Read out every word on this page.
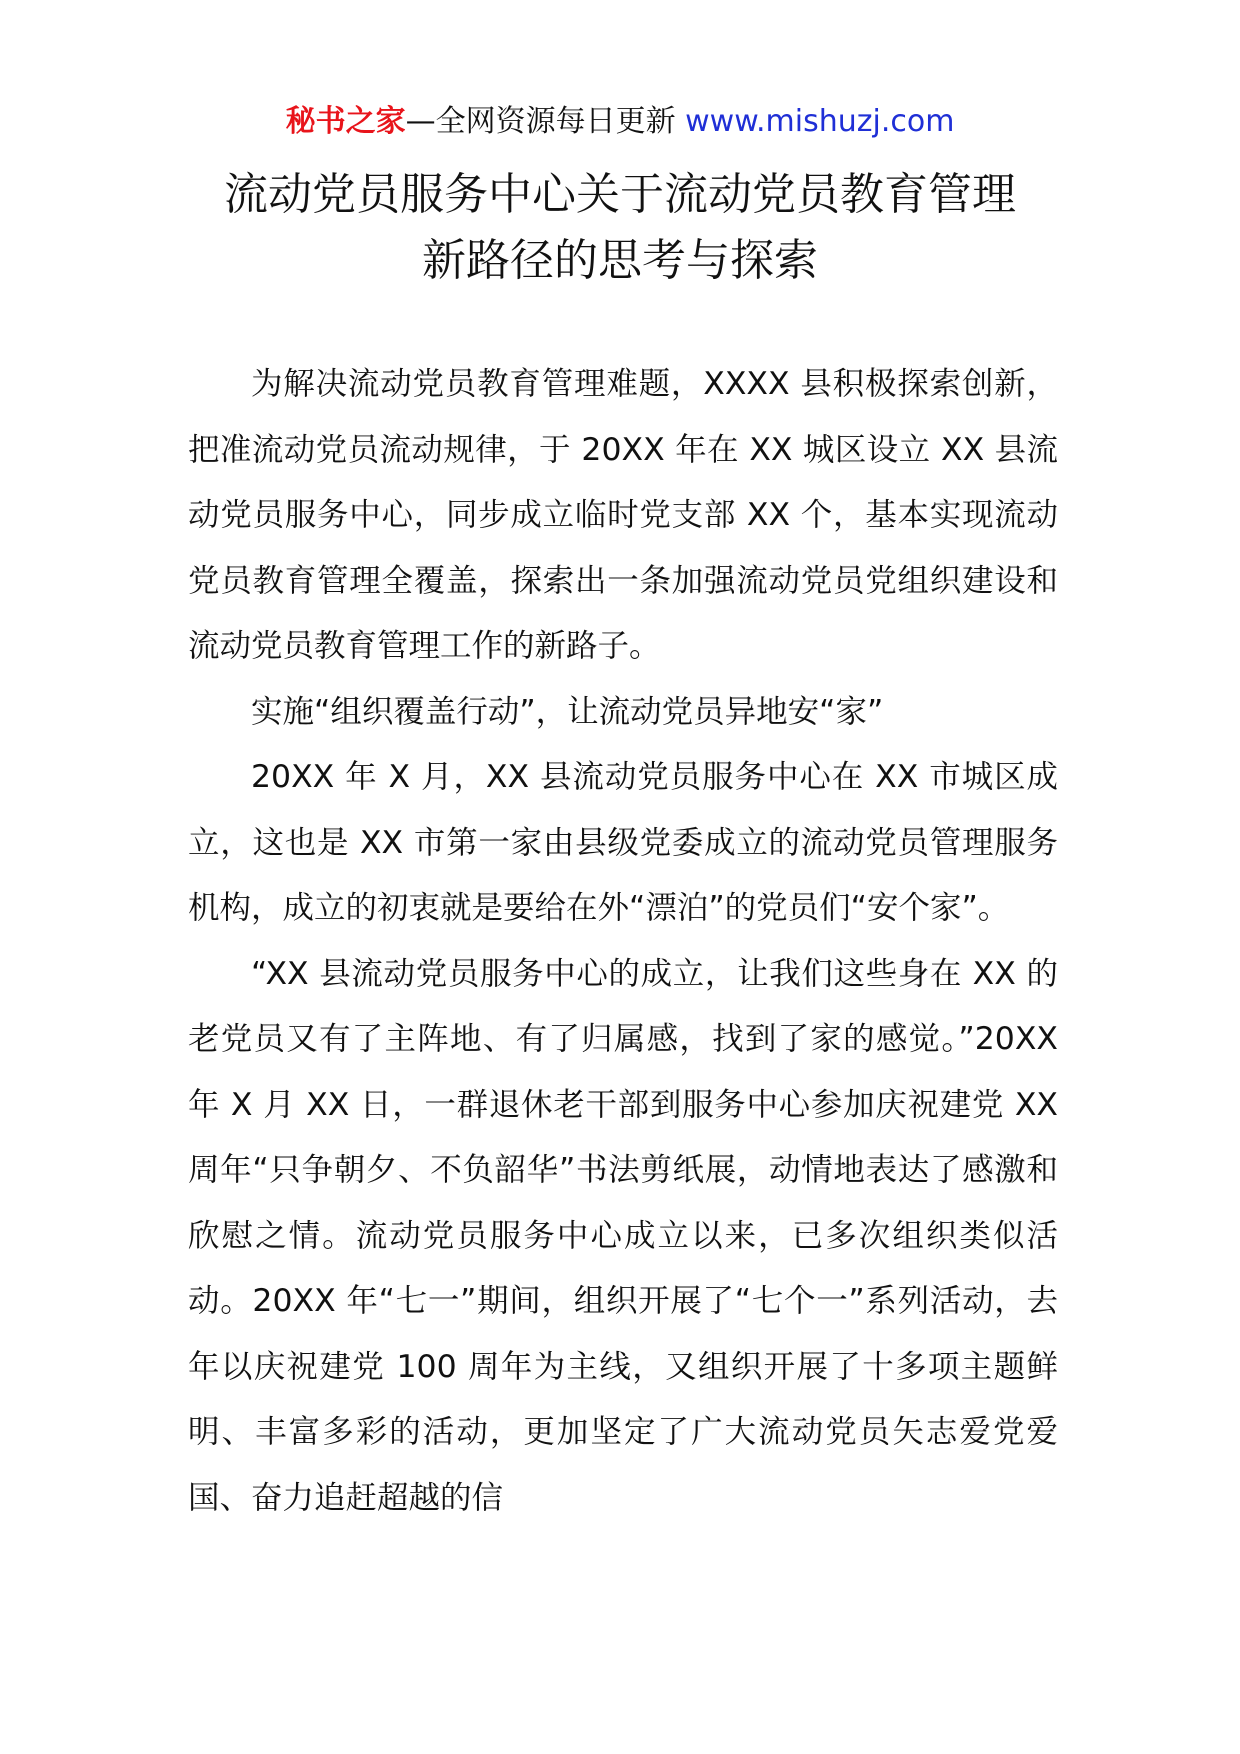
秘书之家—全网资源每日更新 www.mishuzj.com
流动党员服务中心关于流动党员教育管理
新路径的思考与探索

为解决流动党员教育管理难题，XXXX 县积极探索创新，把准流动党员流动规律，于 20XX 年在 XX 城区设立 XX 县流动党员服务中心，同步成立临时党支部 XX 个，基本实现流动党员教育管理全覆盖，探索出一条加强流动党员党组织建设和流动党员教育管理工作的新路子。

实施“组织覆盖行动”，让流动党员异地安“家”

20XX 年 X 月，XX 县流动党员服务中心在 XX 市城区成立，这也是 XX 市第一家由县级党委成立的流动党员管理服务机构，成立的初衷就是要给在外“漂泊”的党员们“安个家”。

“XX 县流动党员服务中心的成立，让我们这些身在 XX 的老党员又有了主阵地、有了归属感，找到了家的感觉。”20XX 年 X 月 XX 日，一群退休老干部到服务中心参加庆祝建党 XX 周年“只争朝夕、不负韶华”书法剪纸展，动情地表达了感激和欣慰之情。流动党员服务中心成立以来，已多次组织类似活动。20XX 年“七一”期间，组织开展了“七个一”系列活动，去年以庆祝建党 100 周年为主线，又组织开展了十多项主题鲜明、丰富多彩的活动，更加坚定了广大流动党员矢志爱党爱国、奋力追赶超越的信
